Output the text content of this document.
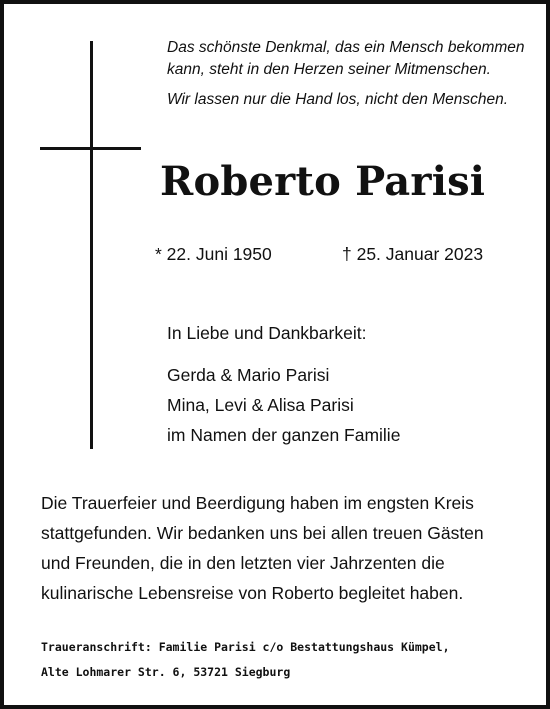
Das schönste Denkmal, das ein Mensch bekommen
kann, steht in den Herzen seiner Mitmenschen.

Wir lassen nur die Hand los, nicht den Menschen.

Roberto Parisi

* 22. Juni 1950	† 25. Januar 2023

In Liebe und Dankbarkeit:

Gerda & Mario Parisi
Mina, Levi & Alisa Parisi
im Namen der ganzen Familie

Die Trauerfeier und Beerdigung haben im engsten Kreis
stattgefunden. Wir bedanken uns bei allen treuen Gästen
und Freunden, die in den letzten vier Jahrzenten die
kulinarische Lebensreise von Roberto begleitet haben.

Traueranschrift: Familie Parisi c/o Bestattungshaus Kümpel,
Alte Lohmarer Str. 6, 53721 Siegburg
